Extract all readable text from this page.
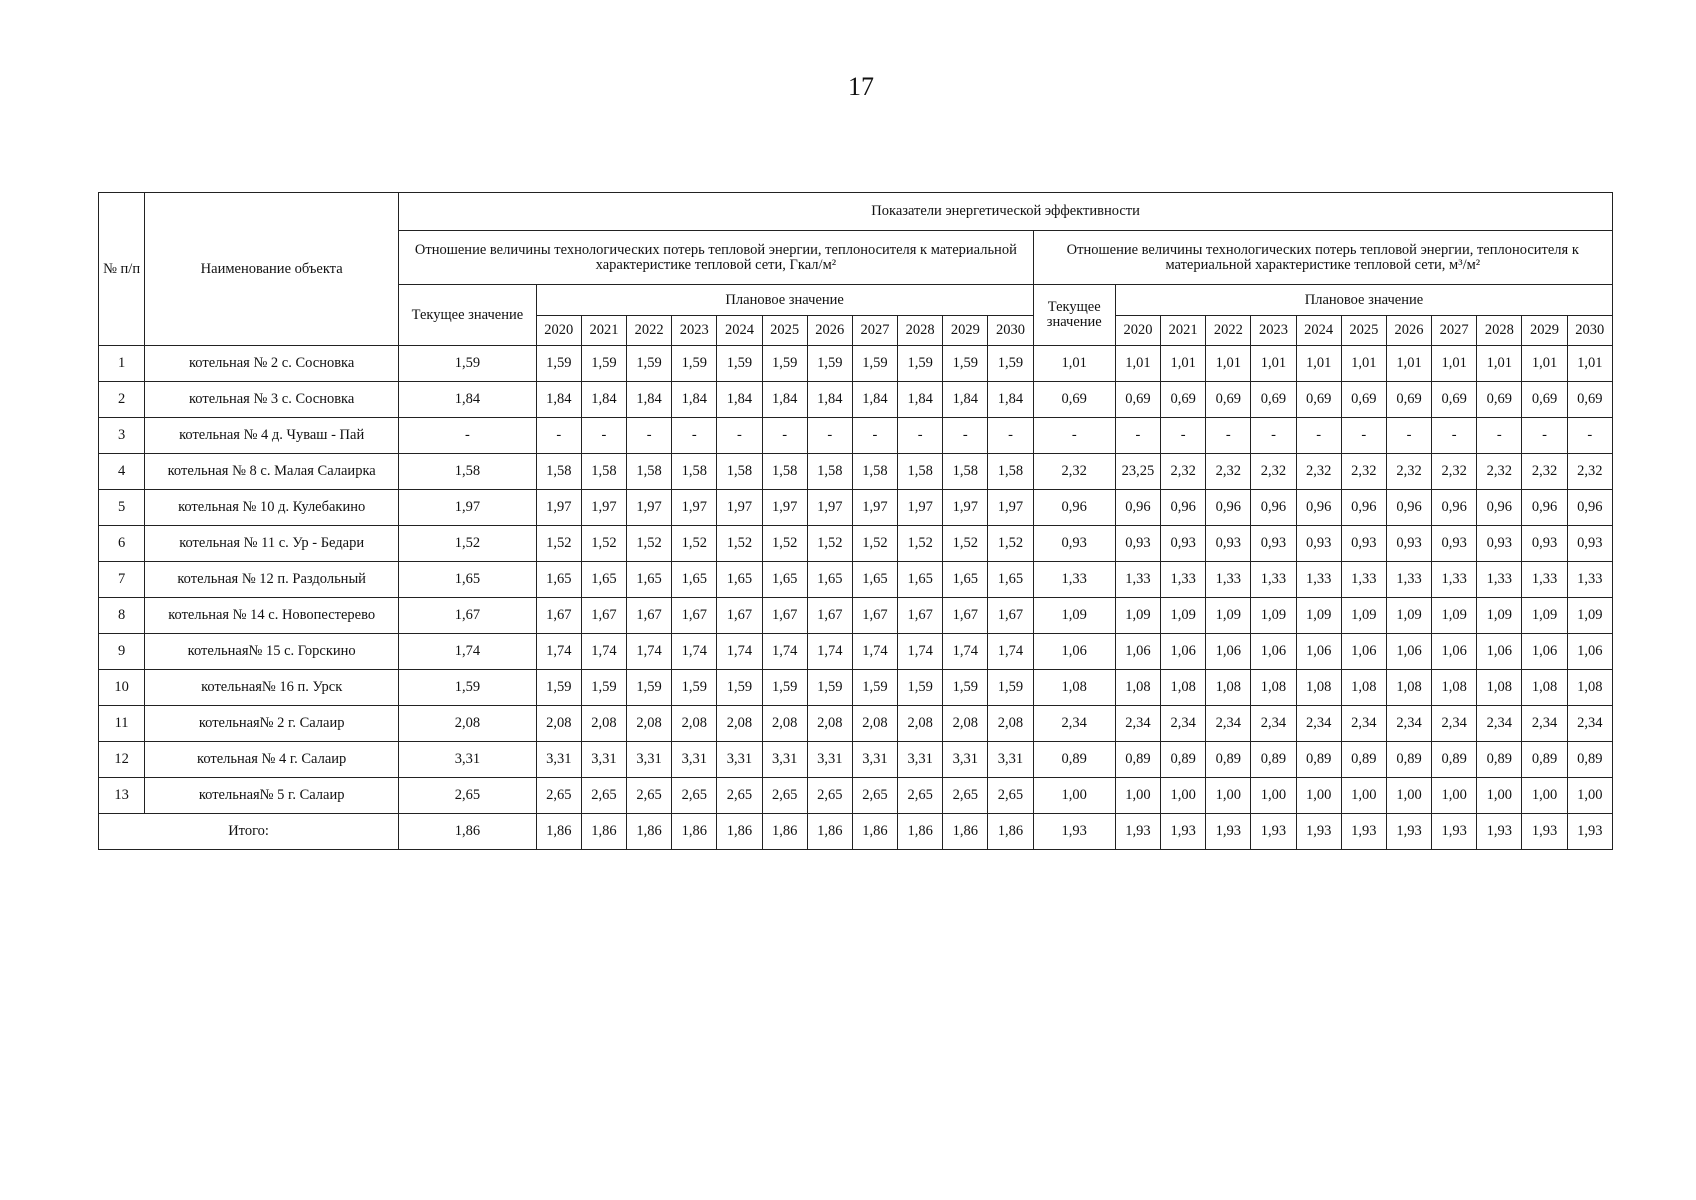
17
№ п/п	Наименование объекта	Показатели энергетической эффективности																							
		Отношение величины технологических потерь тепловой энергии, теплоносителя к материальной характеристике тепловой сети, Гкал/м²												Отношение величины технологических потерь тепловой энергии, теплоносителя к материальной характеристике тепловой сети, м³/м²											
		Текущее значение	Плановое значение											Текущее значение	Плановое значение										
			2020	2021	2022	2023	2024	2025	2026	2027	2028	2029	2030		2020	2021	2022	2023	2024	2025	2026	2027	2028	2029	2030
1	котельная № 2 с. Сосновка	1,59	1,59	1,59	1,59	1,59	1,59	1,59	1,59	1,59	1,59	1,59	1,59	1,01	1,01	1,01	1,01	1,01	1,01	1,01	1,01	1,01	1,01	1,01	1,01
2	котельная № 3 с. Сосновка	1,84	1,84	1,84	1,84	1,84	1,84	1,84	1,84	1,84	1,84	1,84	1,84	0,69	0,69	0,69	0,69	0,69	0,69	0,69	0,69	0,69	0,69	0,69	0,69
3	котельная № 4 д. Чуваш - Пай	-	-	-	-	-	-	-	-	-	-	-	-	-	-	-	-	-	-	-	-	-	-	-	-
4	котельная № 8 с. Малая Салаирка	1,58	1,58	1,58	1,58	1,58	1,58	1,58	1,58	1,58	1,58	1,58	1,58	2,32	23,25	2,32	2,32	2,32	2,32	2,32	2,32	2,32	2,32	2,32	2,32
5	котельная № 10 д. Кулебакино	1,97	1,97	1,97	1,97	1,97	1,97	1,97	1,97	1,97	1,97	1,97	1,97	0,96	0,96	0,96	0,96	0,96	0,96	0,96	0,96	0,96	0,96	0,96	0,96
6	котельная № 11 с. Ур - Бедари	1,52	1,52	1,52	1,52	1,52	1,52	1,52	1,52	1,52	1,52	1,52	1,52	0,93	0,93	0,93	0,93	0,93	0,93	0,93	0,93	0,93	0,93	0,93	0,93
7	котельная № 12 п. Раздольный	1,65	1,65	1,65	1,65	1,65	1,65	1,65	1,65	1,65	1,65	1,65	1,65	1,33	1,33	1,33	1,33	1,33	1,33	1,33	1,33	1,33	1,33	1,33	1,33
8	котельная № 14 с. Новопестерево	1,67	1,67	1,67	1,67	1,67	1,67	1,67	1,67	1,67	1,67	1,67	1,67	1,09	1,09	1,09	1,09	1,09	1,09	1,09	1,09	1,09	1,09	1,09	1,09
9	котельная№ 15 с. Горскино	1,74	1,74	1,74	1,74	1,74	1,74	1,74	1,74	1,74	1,74	1,74	1,74	1,06	1,06	1,06	1,06	1,06	1,06	1,06	1,06	1,06	1,06	1,06	1,06
10	котельная№ 16 п. Урск	1,59	1,59	1,59	1,59	1,59	1,59	1,59	1,59	1,59	1,59	1,59	1,59	1,08	1,08	1,08	1,08	1,08	1,08	1,08	1,08	1,08	1,08	1,08	1,08
11	котельная№ 2 г. Салаир	2,08	2,08	2,08	2,08	2,08	2,08	2,08	2,08	2,08	2,08	2,08	2,08	2,34	2,34	2,34	2,34	2,34	2,34	2,34	2,34	2,34	2,34	2,34	2,34
12	котельная № 4 г. Салаир	3,31	3,31	3,31	3,31	3,31	3,31	3,31	3,31	3,31	3,31	3,31	3,31	0,89	0,89	0,89	0,89	0,89	0,89	0,89	0,89	0,89	0,89	0,89	0,89
13	котельная№ 5 г. Салаир	2,65	2,65	2,65	2,65	2,65	2,65	2,65	2,65	2,65	2,65	2,65	2,65	1,00	1,00	1,00	1,00	1,00	1,00	1,00	1,00	1,00	1,00	1,00	1,00
Итого:		1,86	1,86	1,86	1,86	1,86	1,86	1,86	1,86	1,86	1,86	1,86	1,86	1,93	1,93	1,93	1,93	1,93	1,93	1,93	1,93	1,93	1,93	1,93	1,93
